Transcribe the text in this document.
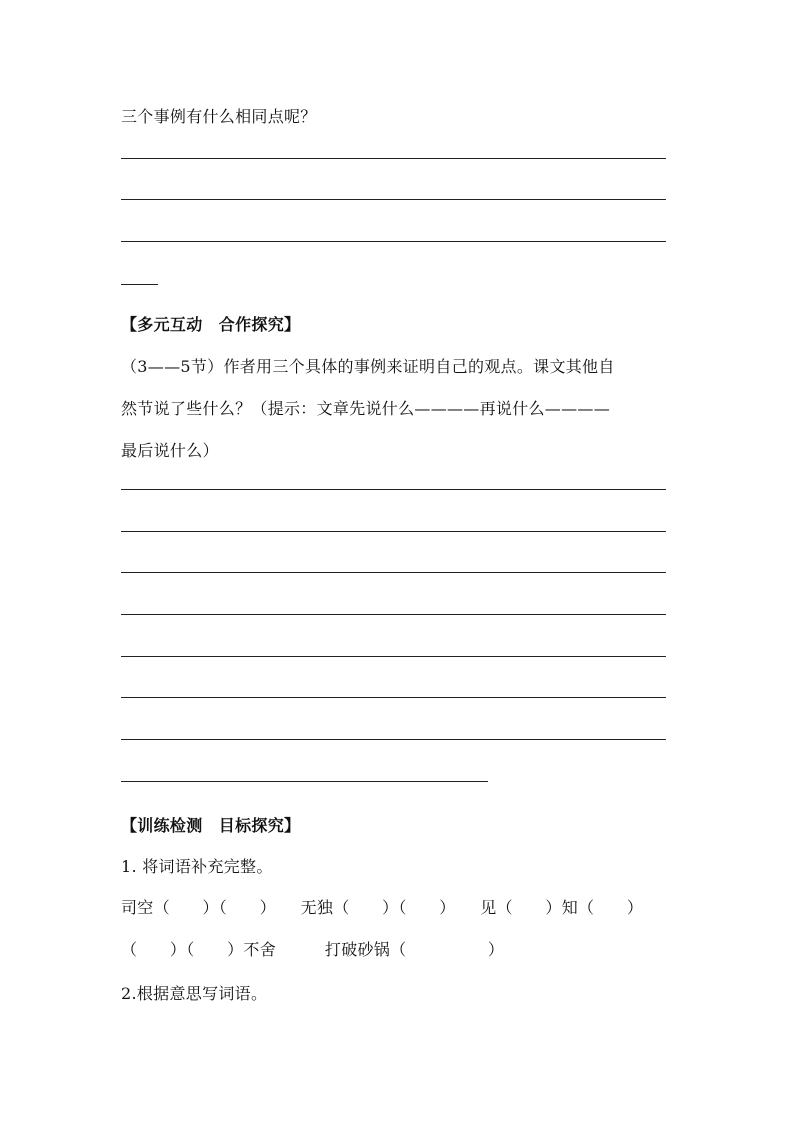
三个事例有什么相同点呢？
【多元互动　合作探究】
（3——5节）作者用三个具体的事例来证明自己的观点。课文其他自
然节说了些什么？（提示：文章先说什么————再说什么————
最后说什么）
【训练检测　目标探究】
1. 将词语补充完整。
司空（　　）（　　）　　无独（　　）（　　）　　见（　　）知（　　）
（　　）（　　）不舍　　　打破砂锅（　　　　　）
2.根据意思写词语。
